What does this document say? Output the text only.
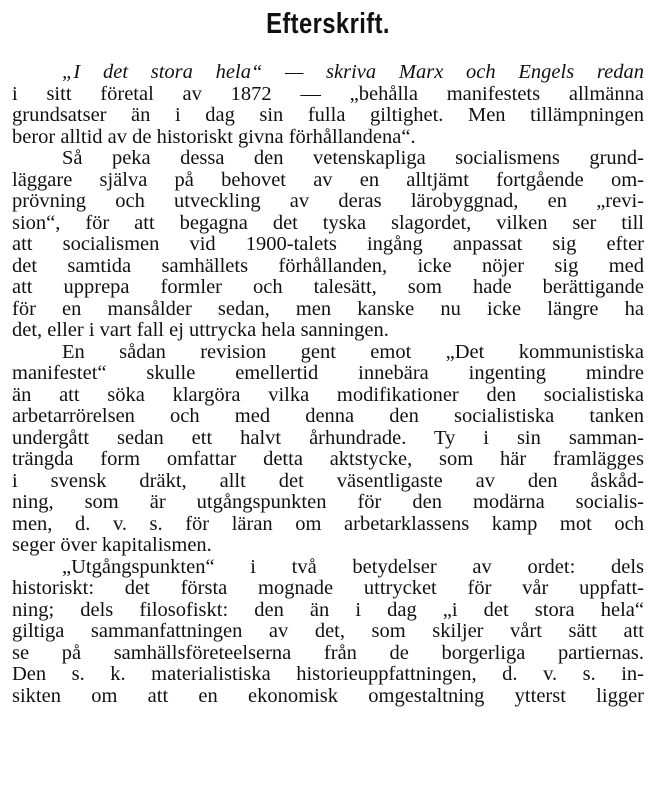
Efterskrift.
„I det stora hela“ — skriva Marx och Engels redan
i sitt företal av 1872 — „behålla manifestets allmänna
grundsatser än i dag sin fulla giltighet. Men tillämpningen
beror alltid av de historiskt givna förhållandena“.
Så peka dessa den vetenskapliga socialismens grund-
läggare själva på behovet av en alltjämt fortgående om-
prövning och utveckling av deras lärobyggnad, en „revi-
sion“, för att begagna det tyska slagordet, vilken ser till
att socialismen vid 1900-talets ingång anpassat sig efter
det samtida samhällets förhållanden, icke nöjer sig med
att upprepa formler och talesätt, som hade berättigande
för en mansålder sedan, men kanske nu icke längre ha
det, eller i vart fall ej uttrycka hela sanningen.
En sådan revision gent emot „Det kommunistiska
manifestet“ skulle emellertid innebära ingenting mindre
än att söka klargöra vilka modifikationer den socialistiska
arbetarrörelsen och med denna den socialistiska tanken
undergått sedan ett halvt århundrade. Ty i sin samman-
trängda form omfattar detta aktstycke, som här framlägges
i svensk dräkt, allt det väsentligaste av den åskåd-
ning, som är utgångspunkten för den modärna socialis-
men, d. v. s. för läran om arbetarklassens kamp mot och
seger över kapitalismen.
„Utgångspunkten“ i två betydelser av ordet: dels
historiskt: det första mognade uttrycket för vår uppfatt-
ning; dels filosofiskt: den än i dag „i det stora hela“
giltiga sammanfattningen av det, som skiljer vårt sätt att
se på samhällsföreteelserna från de borgerliga partiernas.
Den s. k. materialistiska historieuppfattningen, d. v. s. in-
sikten om att en ekonomisk omgestaltning ytterst ligger
